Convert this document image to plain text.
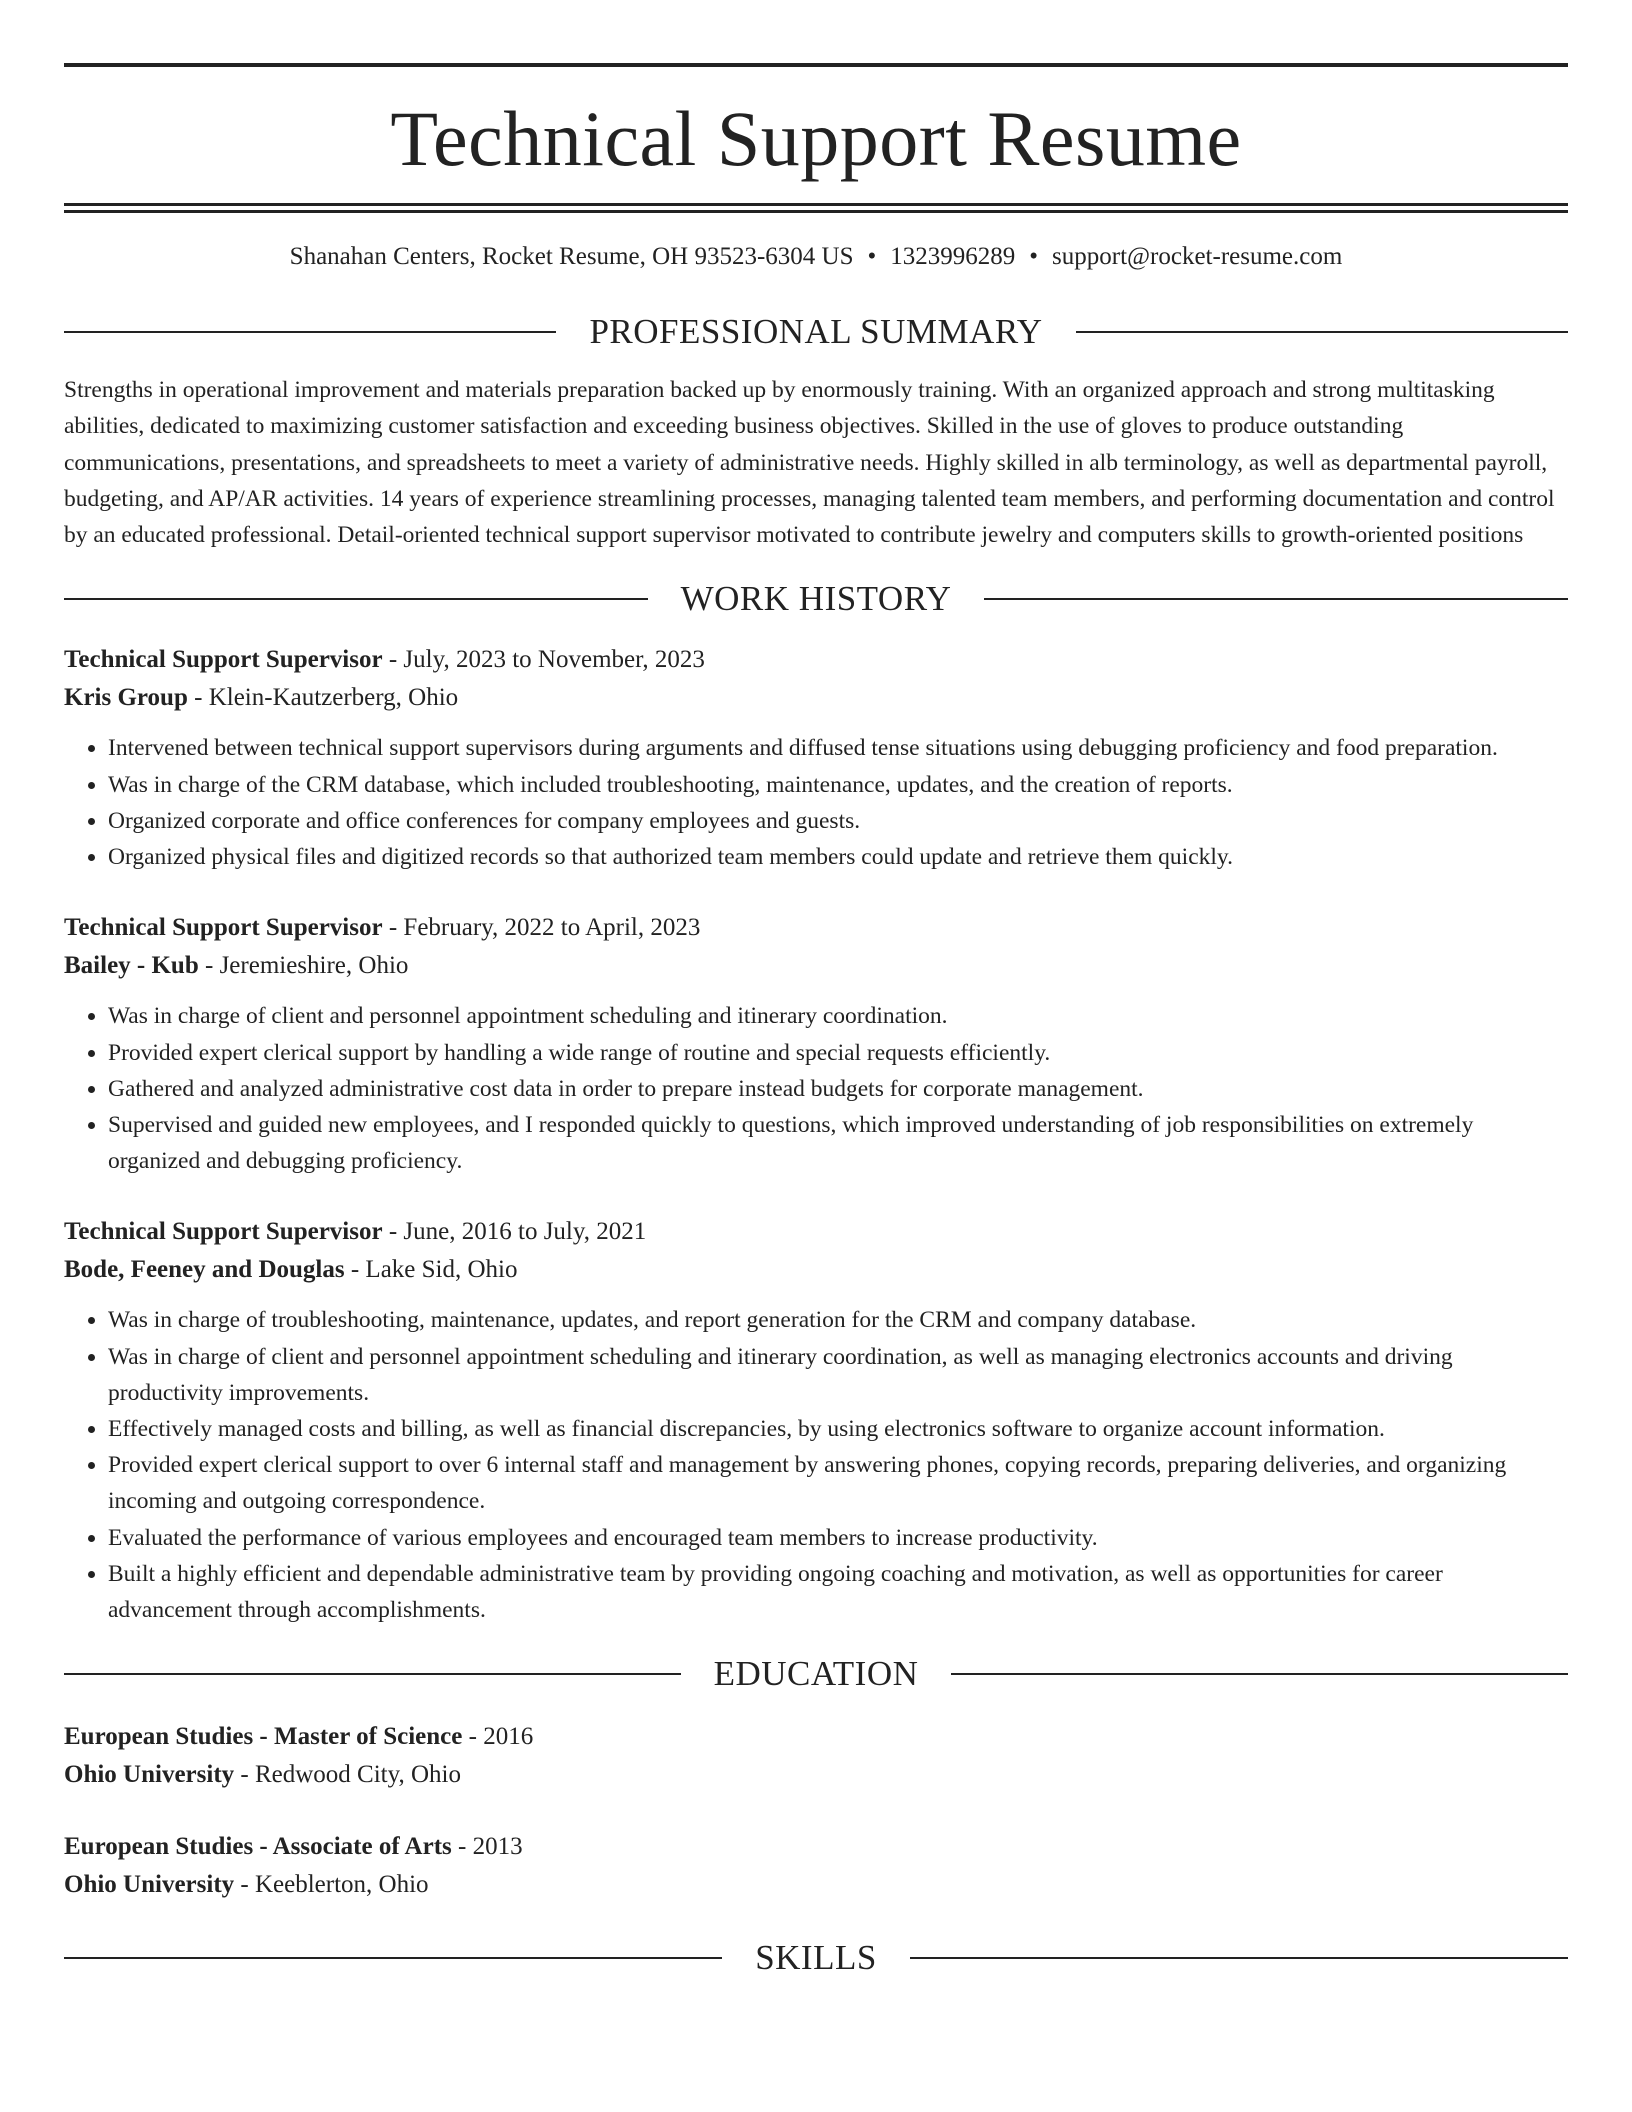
Technical Support Resume
Shanahan Centers, Rocket Resume, OH 93523-6304 US • 1323996289 • support@rocket-resume.com
PROFESSIONAL SUMMARY

Strengths in operational improvement and materials preparation backed up by enormously training. With an organized approach and strong multitasking abilities, dedicated to maximizing customer satisfaction and exceeding business objectives. Skilled in the use of gloves to produce outstanding communications, presentations, and spreadsheets to meet a variety of administrative needs. Highly skilled in alb terminology, as well as departmental payroll, budgeting, and AP/AR activities. 14 years of experience streamlining processes, managing talented team members, and performing documentation and control by an educated professional. Detail-oriented technical support supervisor motivated to contribute jewelry and computers skills to growth-oriented positions

WORK HISTORY
Technical Support Supervisor - July, 2023 to November, 2023
Kris Group - Klein-Kautzerberg, Ohio
• Intervened between technical support supervisors during arguments and diffused tense situations using debugging proficiency and food preparation.
• Was in charge of the CRM database, which included troubleshooting, maintenance, updates, and the creation of reports.
• Organized corporate and office conferences for company employees and guests.
• Organized physical files and digitized records so that authorized team members could update and retrieve them quickly.
Technical Support Supervisor - February, 2022 to April, 2023
Bailey - Kub - Jeremieshire, Ohio
• Was in charge of client and personnel appointment scheduling and itinerary coordination.
• Provided expert clerical support by handling a wide range of routine and special requests efficiently.
• Gathered and analyzed administrative cost data in order to prepare instead budgets for corporate management.
• Supervised and guided new employees, and I responded quickly to questions, which improved understanding of job responsibilities on extremely organized and debugging proficiency.
Technical Support Supervisor - June, 2016 to July, 2021
Bode, Feeney and Douglas - Lake Sid, Ohio
• Was in charge of troubleshooting, maintenance, updates, and report generation for the CRM and company database.
• Was in charge of client and personnel appointment scheduling and itinerary coordination, as well as managing electronics accounts and driving productivity improvements.
• Effectively managed costs and billing, as well as financial discrepancies, by using electronics software to organize account information.
• Provided expert clerical support to over 6 internal staff and management by answering phones, copying records, preparing deliveries, and organizing incoming and outgoing correspondence.
• Evaluated the performance of various employees and encouraged team members to increase productivity.
• Built a highly efficient and dependable administrative team by providing ongoing coaching and motivation, as well as opportunities for career advancement through accomplishments.
EDUCATION
European Studies - Master of Science - 2016
Ohio University - Redwood City, Ohio
European Studies - Associate of Arts - 2013
Ohio University - Keeblerton, Ohio
SKILLS
